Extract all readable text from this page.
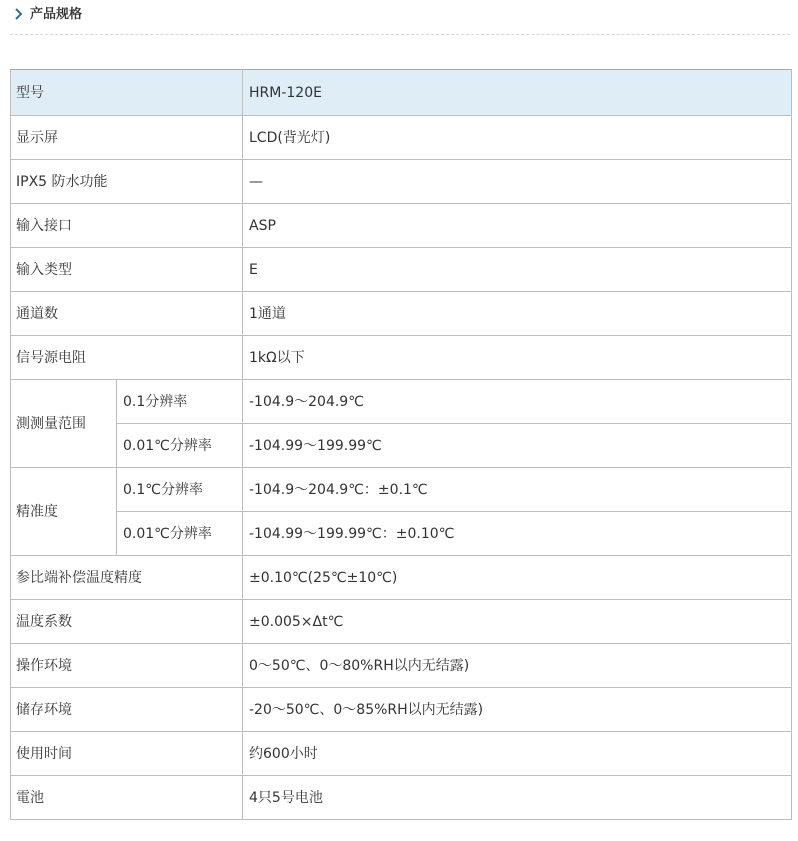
产品规格
型号		HRM-120E
显示屏		LCD(背光灯)
IPX5 防水功能		—
输入接口		ASP
输入类型		E
通道数		1通道
信号源电阻		1kΩ以下
測测量范围	0.1分辨率	-104.9～204.9℃
	0.01℃分辨率	-104.99～199.99℃
精准度	0.1℃分辨率	-104.9～204.9℃：±0.1℃
	0.01℃分辨率	-104.99～199.99℃：±0.10℃
参比端补偿温度精度		±0.10℃(25℃±10℃)
温度系数		±0.005×Δt℃
操作环境		0～50℃、0～80%RH以内无结露)
储存环境		-20～50℃、0～85%RH以内无结露)
使用时间		约600小时
電池		4只5号电池
